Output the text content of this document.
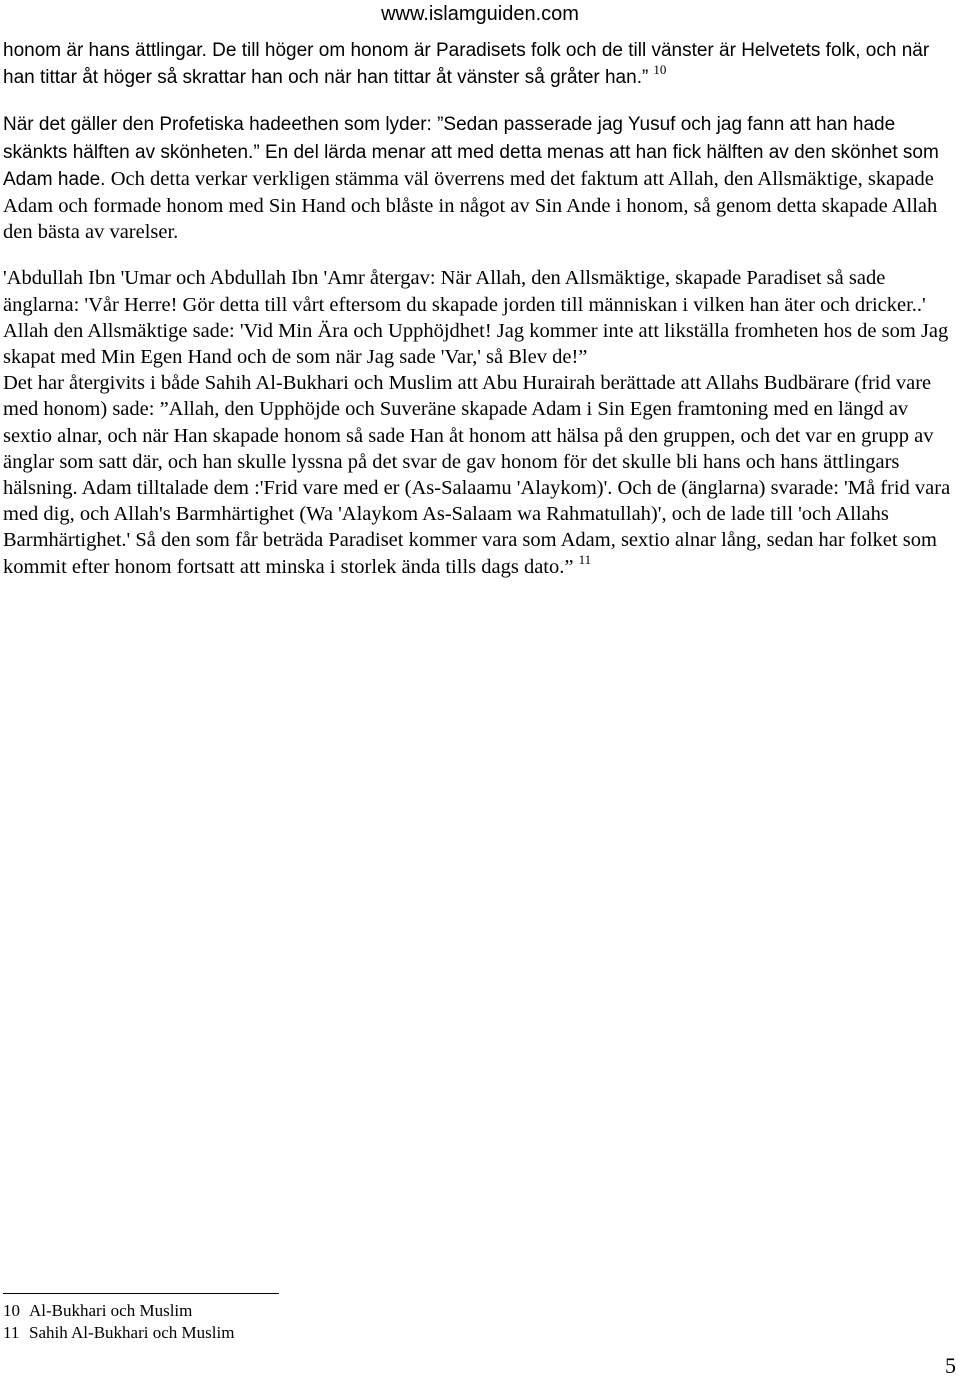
www.islamguiden.com

honom är hans ättlingar. De till höger om honom är Paradisets folk och de till vänster är Helvetets folk, och när han tittar åt höger så skrattar han och när han tittar åt vänster så gråter han.” $^{10}$

När det gäller den Profetiska hadeethen som lyder: ”Sedan passerade jag Yusuf och jag fann att han hade skänkts hälften av skönheten.” En del lärda menar att med detta menas att han fick hälften av den skönhet som Adam hade. Och detta verkar verkligen stämma väl överrens med det faktum att Allah, den Allsmäktige, skapade Adam och formade honom med Sin Hand och blåste in något av Sin Ande i honom, så genom detta skapade Allah den bästa av varelser.

'Abdullah Ibn 'Umar och Abdullah Ibn 'Amr återgav: När Allah, den Allsmäktige, skapade Paradiset så sade änglarna: 'Vår Herre! Gör detta till vårt eftersom du skapade jorden till människan i vilken han äter och dricker..' Allah den Allsmäktige sade: 'Vid Min Ära och Upphöjdhet! Jag kommer inte att likställa fromheten hos de som Jag skapat med Min Egen Hand och de som när Jag sade 'Var,' så Blev de!”

Det har återgivits i både Sahih Al-Bukhari och Muslim att Abu Hurairah berättade att Allahs Budbärare (frid vare med honom) sade: ”Allah, den Upphöjde och Suveräne skapade Adam i Sin Egen framtoning med en längd av sextio alnar, och när Han skapade honom så sade Han åt honom att hälsa på den gruppen, och det var en grupp av änglar som satt där, och han skulle lyssna på det svar de gav honom för det skulle bli hans och hans ättlingars hälsning. Adam tilltalade dem :'Frid vare med er (As-Salaamu 'Alaykom)'. Och de (änglarna) svarade: 'Må frid vara med dig, och Allah's Barmhärtighet (Wa 'Alaykom As-Salaam wa Rahmatullah)', och de lade till 'och Allahs Barmhärtighet.' Så den som får beträda Paradiset kommer vara som Adam, sextio alnar lång, sedan har folket som kommit efter honom fortsatt att minska i storlek ända tills dags dato.” $^{11}$

10 Al-Bukhari och Muslim
11 Sahih Al-Bukhari och Muslim
5
